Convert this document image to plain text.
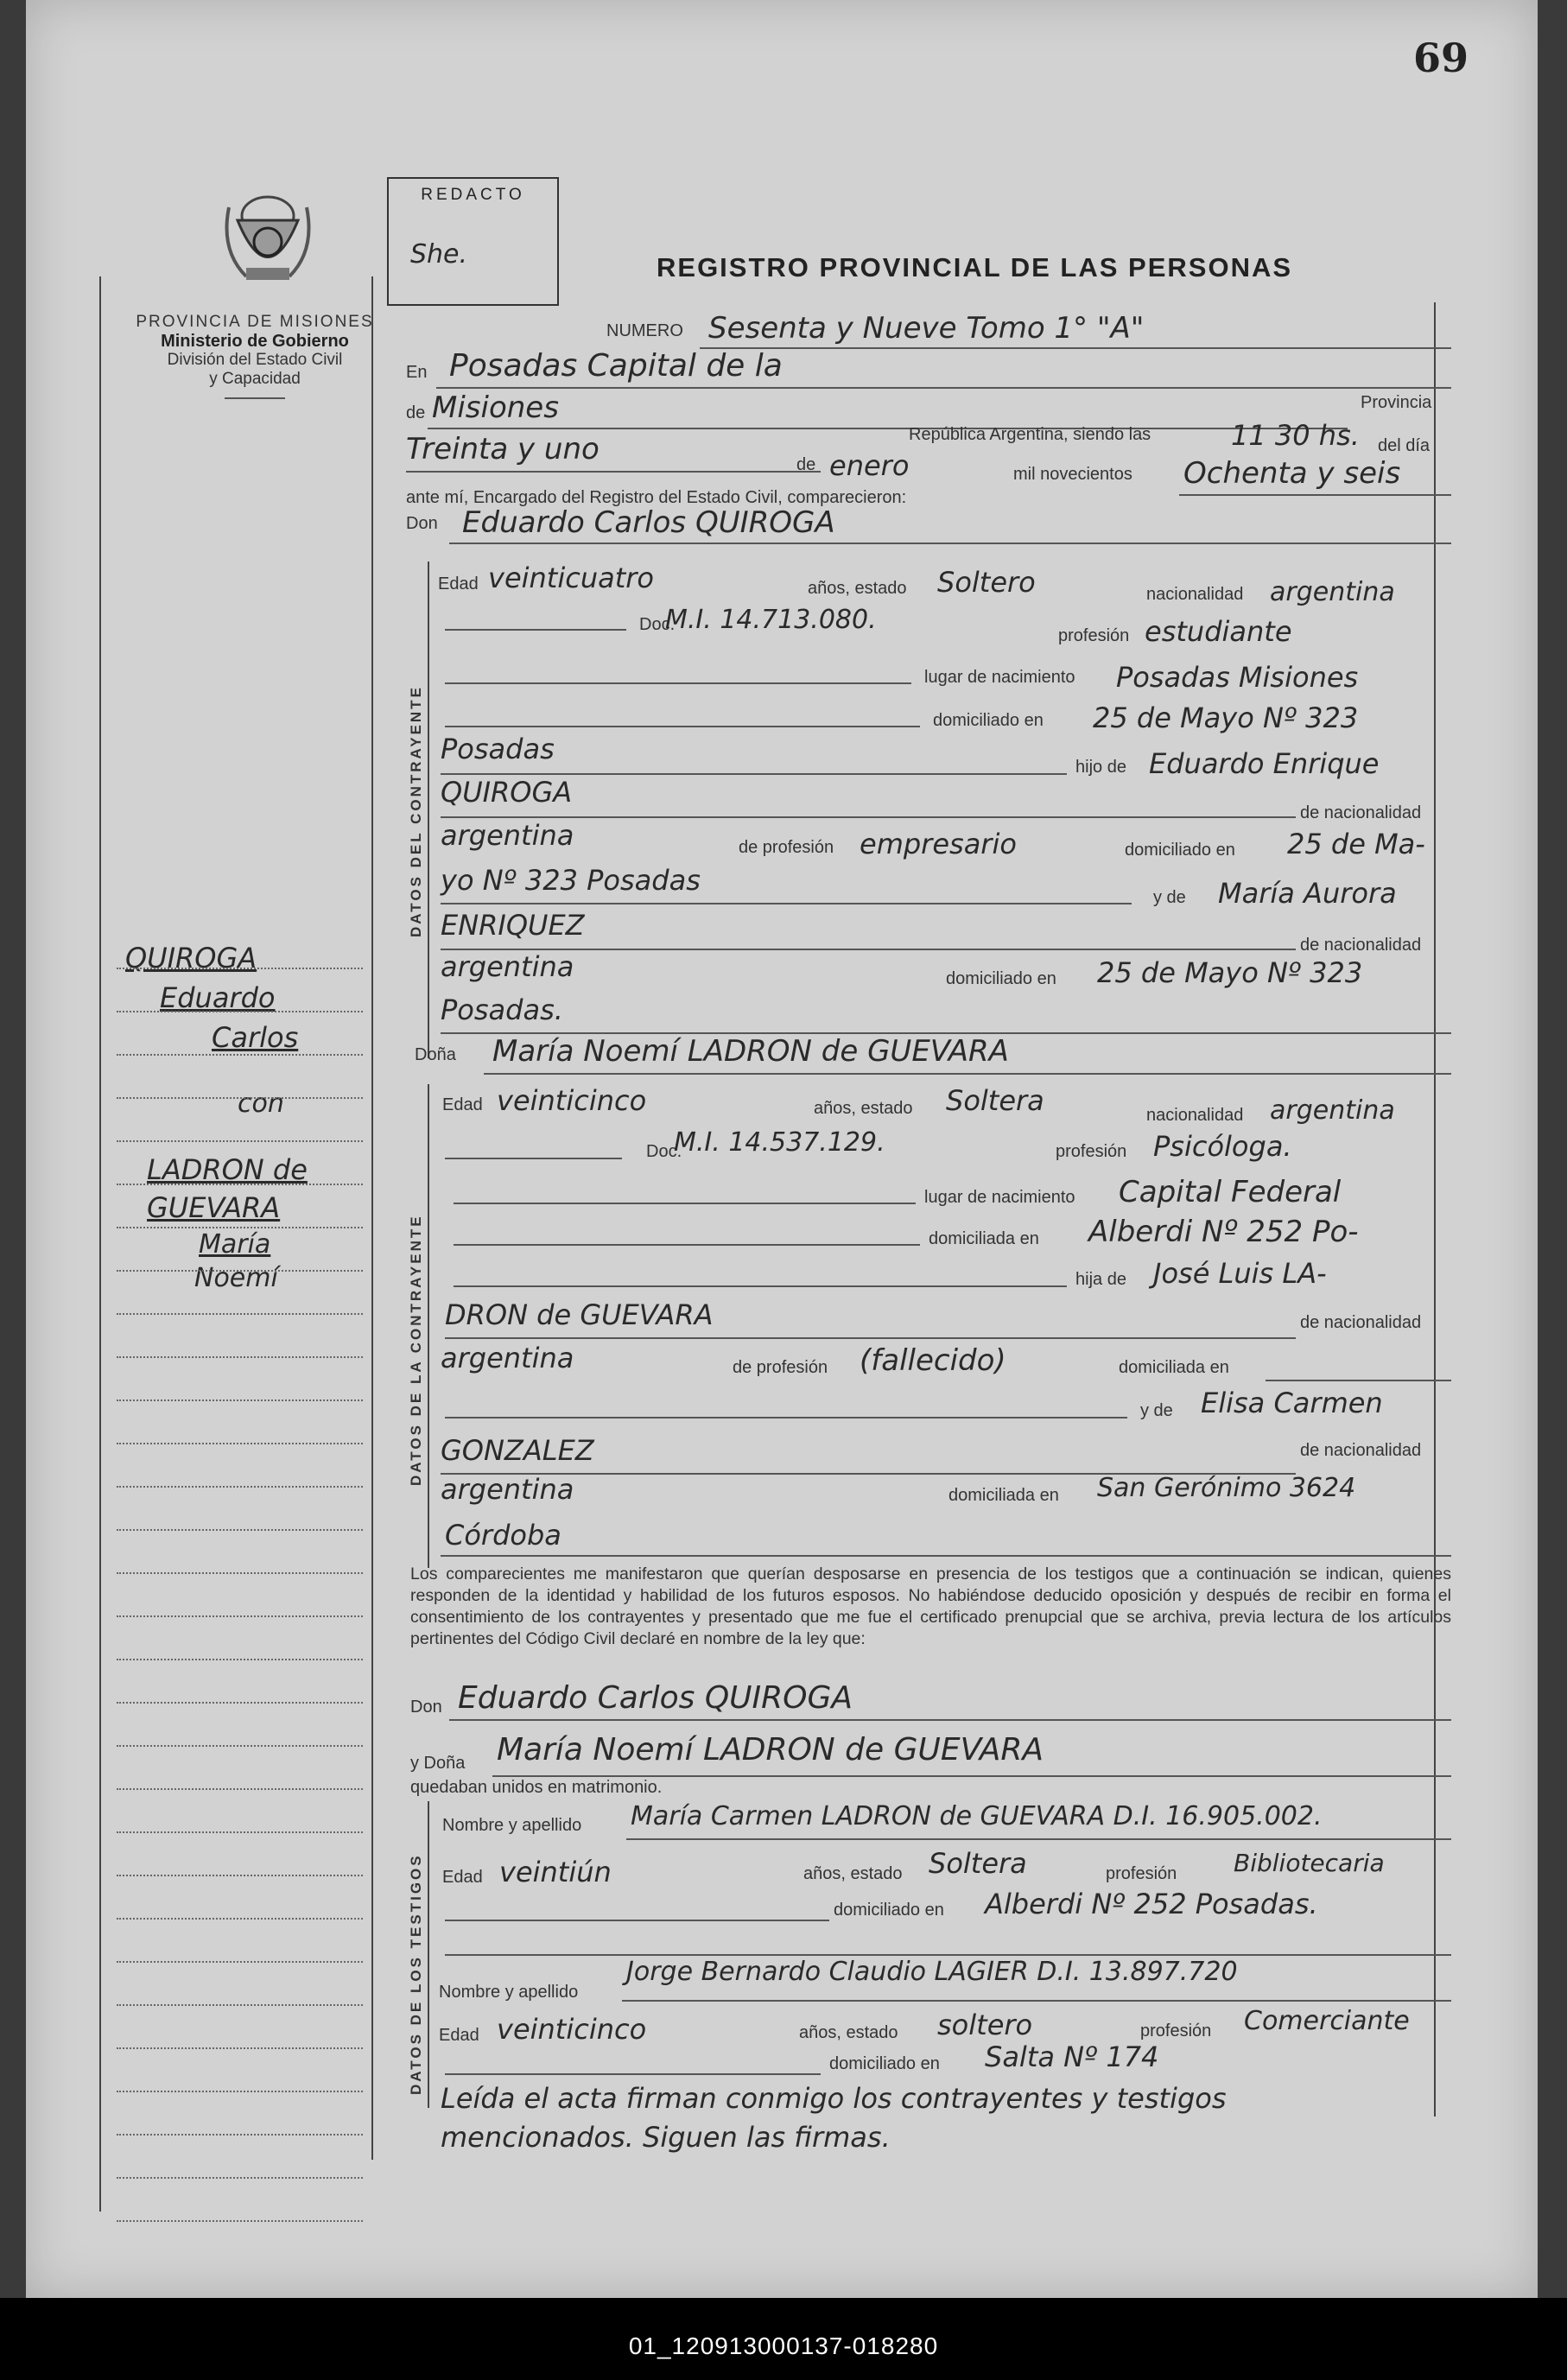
69
PROVINCIA DE MISIONES
Ministerio de Gobierno
División del Estado Civil
y Capacidad
REDACTO
She.	REGISTRO PROVINCIAL DE LAS PERSONAS
QUIROGA
Eduardo
Carlos
con
LADRON de
GUEVARA
María
Noemí
NUMERO Sesenta y Nueve Tomo 1° "A"
En Posadas Capital de la
de Misiones	Provincia
República Argentina, siendo las	11 30 hs. del día
Treinta y uno	de enero	mil novecientos Ochenta y seis
ante mí, Encargado del Registro del Estado Civil, comparecieron:
Don Eduardo Carlos QUIROGA
DATOS DEL CONTRAYENTE
Edad veinticuatro	años, estado Soltero	nacionalidad argentina
Doc.
M.I. 14.713.080.
profesión estudiante
lugar de nacimiento Posadas Misiones
domiciliado en 25 de Mayo Nº 323
Posadas
hijo de Eduardo Enrique
QUIROGA
de nacionalidad
argentina	de profesión empresario	domiciliado en 25 de Ma-
yo Nº 323 Posadas
y de María Aurora
ENRIQUEZ
de nacionalidad
argentina	domiciliado en 25 de Mayo Nº 323
Posadas.
Doña María Noemí LADRON de GUEVARA
DATOS DE LA CONTRAYENTE
Edad veinticinco	años, estado Soltera	nacionalidad argentina
Doc.
M.I. 14.537.129.	profesión Psicóloga.
lugar de nacimiento Capital Federal
domiciliada en Alberdi Nº 252 Po-
hija de José Luis LA-
DRON de GUEVARA	de nacionalidad
argentina	de profesión (fallecido)	domiciliada en
y de Elisa Carmen
GONZALEZ	de nacionalidad
argentina	domiciliada en San Gerónimo 3624
Córdoba
Los comparecientes me manifestaron que querían desposarse en presencia de los testigos que a continuación se indican, quienes responden de la identidad y habilidad de los futuros esposos. No habiéndose deducido oposición y después de recibir en forma el consentimiento de los contrayentes y presentado que me fue el certificado prenupcial que se archiva, previa lectura de los artículos pertinentes del Código Civil declaré en nombre de la ley que:
Don Eduardo Carlos QUIROGA
y Doña María Noemí LADRON de GUEVARA
quedaban unidos en matrimonio.
DATOS DE LOS TESTIGOS
Nombre y apellido María Carmen LADRON de GUEVARA D.I. 16.905.002.
Edad veintiún	años, estado Soltera	profesión Bibliotecaria
domiciliado en Alberdi Nº 252 Posadas.
Nombre y apellido
Jorge Bernardo Claudio LAGIER D.I. 13.897.720
Edad veinticinco	años, estado soltero	profesión Comerciante
domiciliado en Salta Nº 174
Leída el acta firman conmigo los contrayentes y testigos
mencionados. Siguen las firmas.
01_120913000137-018280
